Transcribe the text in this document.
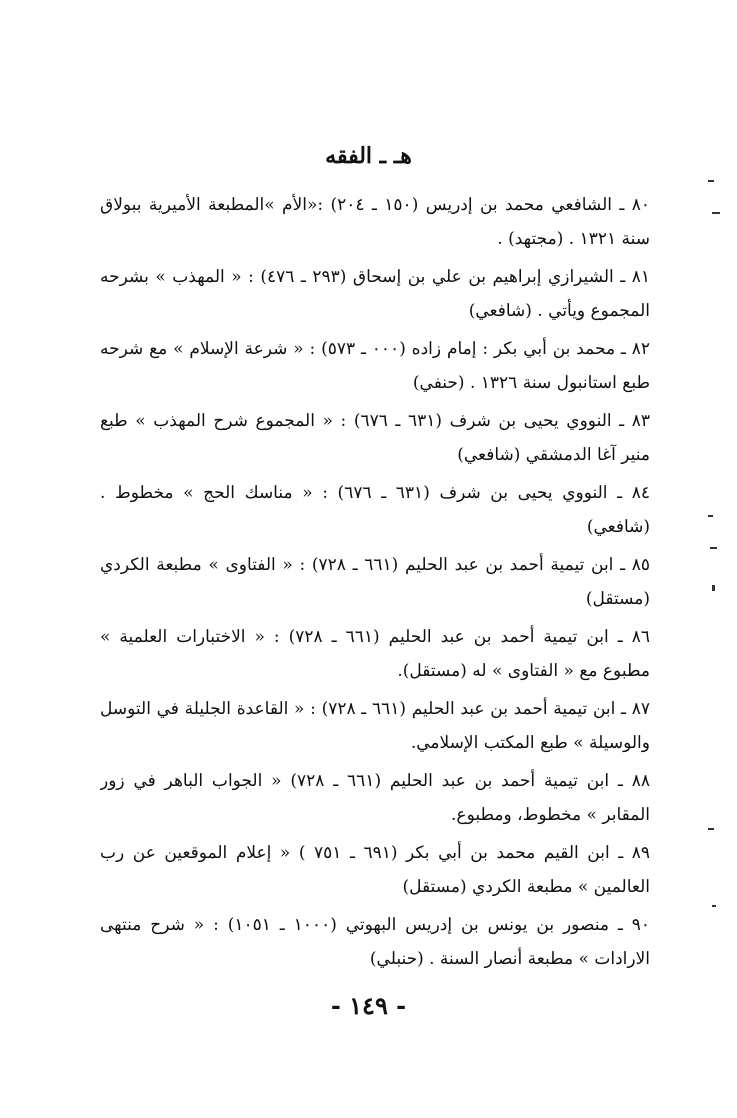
هـ ـ الفقه
٨٠ ـ الشافعي محمد بن إدريس (١٥٠ ـ ٢٠٤) :«الأم »المطبعة الأميرية ببولاق
سنة ١٣٢١ . (مجتهد) .
٨١ ـ الشيرازي إبراهيم بن علي بن إسحاق (٢٩٣ ـ ٤٧٦) : « المهذب » بشرحه
المجموع ويأتي . (شافعي)
٨٢ ـ محمد بن أبي بكر : إمام زاده (٠٠٠ ـ ٥٧٣) : « شرعة الإسلام » مع شرحه
طبع استانبول سنة ١٣٢٦ . (حنفي)
٨٣ ـ النووي يحيى بن شرف (٦٣١ ـ ٦٧٦) : « المجموع شرح المهذب » طبع
منير آغا الدمشقي (شافعي)
٨٤ ـ النووي يحيى بن شرف (٦٣١ ـ ٦٧٦) : « مناسك الحج » مخطوط .
(شافعي)
٨٥ ـ ابن تيمية أحمد بن عبد الحليم (٦٦١ ـ ٧٢٨) : « الفتاوى » مطبعة الكردي
(مستقل)
٨٦ ـ ابن تيمية أحمد بن عبد الحليم (٦٦١ ـ ٧٢٨) : « الاختبارات العلمية »
مطبوع مع « الفتاوى » له (مستقل).
٨٧ ـ ابن تيمية أحمد بن عبد الحليم (٦٦١ ـ ٧٢٨) : « القاعدة الجليلة في التوسل
والوسيلة » طبع المكتب الإسلامي.
٨٨ ـ ابن تيمية أحمد بن عبد الحليم (٦٦١ ـ ٧٢٨) « الجواب الباهر في زور
المقابر » مخطوط، ومطبوع.
٨٩ ـ ابن القيم محمد بن أبي بكر (٦٩١ ـ ٧٥١ ) « إعلام الموقعين عن رب
العالمين » مطبعة الكردي (مستقل)
٩٠ ـ منصور بن يونس بن إدريس البهوتي (١٠٠٠ ـ ١٠٥١) : « شرح منتهى
الارادات » مطبعة أنصار السنة . (حنبلي)
- ١٤٩ -
